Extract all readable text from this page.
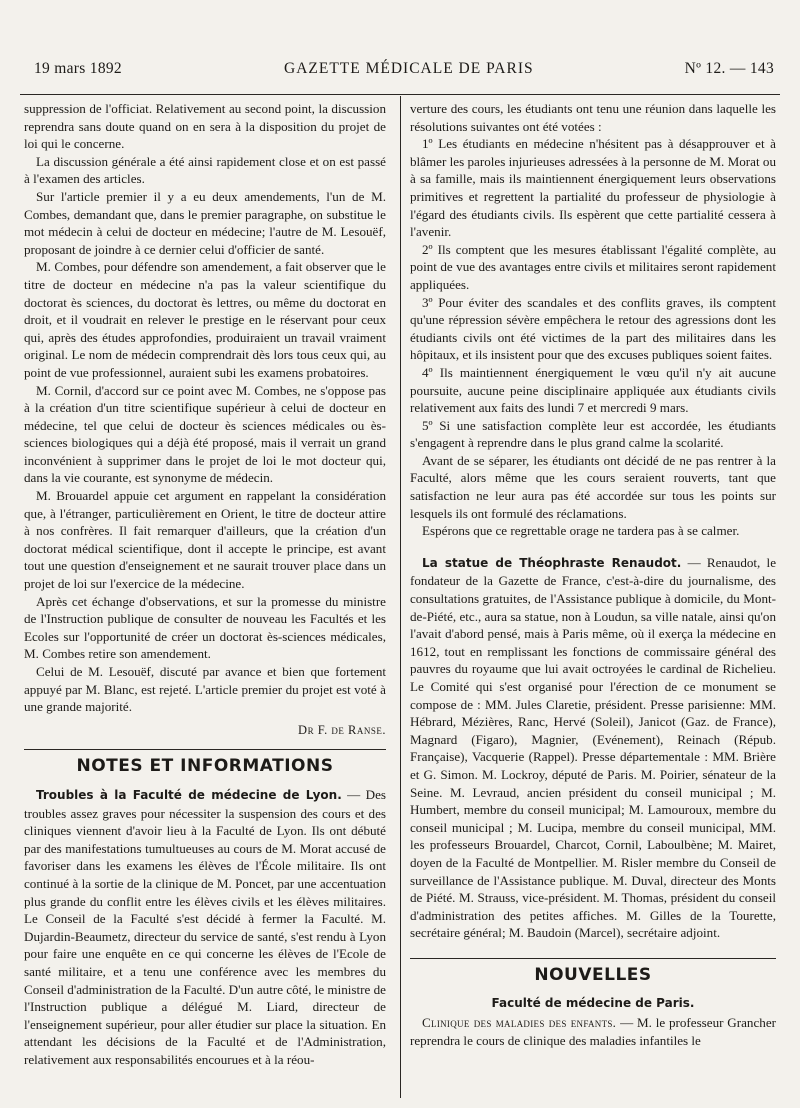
19 mars 1892	GAZETTE MÉDICALE DE PARIS	Nº 12. — 143

suppression de l'officiat. Relativement au second point, la discussion reprendra sans doute quand on en sera à la disposition du projet de loi qui le concerne.

La discussion générale a été ainsi rapidement close et on est passé à l'examen des articles.

Sur l'article premier il y a eu deux amendements, l'un de M. Combes, demandant que, dans le premier paragraphe, on substitue le mot médecin à celui de docteur en médecine; l'autre de M. Lesouëf, proposant de joindre à ce dernier celui d'officier de santé.

M. Combes, pour défendre son amendement, a fait observer que le titre de docteur en médecine n'a pas la valeur scientifique du doctorat ès sciences, du doctorat ès lettres, ou même du doctorat en droit, et il voudrait en relever le prestige en le réservant pour ceux qui, après des études approfondies, produiraient un travail vraiment original. Le nom de médecin comprendrait dès lors tous ceux qui, au point de vue professionnel, auraient subi les examens probatoires.

M. Cornil, d'accord sur ce point avec M. Combes, ne s'oppose pas à la création d'un titre scientifique supérieur à celui de docteur en médecine, tel que celui de docteur ès sciences médicales ou ès-sciences biologiques qui a déjà été proposé, mais il verrait un grand inconvénient à supprimer dans le projet de loi le mot docteur qui, dans la vie courante, est synonyme de médecin.

M. Brouardel appuie cet argument en rappelant la considération que, à l'étranger, particulièrement en Orient, le titre de docteur attire à nos confrères. Il fait remarquer d'ailleurs, que la création d'un doctorat médical scientifique, dont il accepte le principe, est avant tout une question d'enseignement et ne saurait trouver place dans un projet de loi sur l'exercice de la médecine.

Après cet échange d'observations, et sur la promesse du ministre de l'Instruction publique de consulter de nouveau les Facultés et les Ecoles sur l'opportunité de créer un doctorat ès-sciences médicales, M. Combes retire son amendement.

Celui de M. Lesouëf, discuté par avance et bien que fortement appuyé par M. Blanc, est rejeté. L'article premier du projet est voté à une grande majorité.

Dr F. de Ranse.

NOTES ET INFORMATIONS

Troubles à la Faculté de médecine de Lyon. — Des troubles assez graves pour nécessiter la suspension des cours et des cliniques viennent d'avoir lieu à la Faculté de Lyon. Ils ont débuté par des manifestations tumultueuses au cours de M. Morat accusé de favoriser dans les examens les élèves de l'École militaire. Ils ont continué à la sortie de la clinique de M. Poncet, par une accentuation plus grande du conflit entre les élèves civils et les élèves militaires. Le Conseil de la Faculté s'est décidé à fermer la Faculté. M. Dujardin-Beaumetz, directeur du service de santé, s'est rendu à Lyon pour faire une enquête en ce qui concerne les élèves de l'Ecole de santé militaire, et a tenu une conférence avec les membres du Conseil d'administration de la Faculté. D'un autre côté, le ministre de l'Instruction publique a délégué M. Liard, directeur de l'enseignement supérieur, pour aller étudier sur place la situation. En attendant les décisions de la Faculté et de l'Administration, relativement aux responsabilités encourues et à la réou-

verture des cours, les étudiants ont tenu une réunion dans laquelle les résolutions suivantes ont été votées :

1º Les étudiants en médecine n'hésitent pas à désapprouver et à blâmer les paroles injurieuses adressées à la personne de M. Morat ou à sa famille, mais ils maintiennent énergiquement leurs observations primitives et regrettent la partialité du professeur de physiologie à l'égard des étudiants civils. Ils espèrent que cette partialité cessera à l'avenir.

2º Ils comptent que les mesures établissant l'égalité complète, au point de vue des avantages entre civils et militaires seront rapidement appliquées.

3º Pour éviter des scandales et des conflits graves, ils comptent qu'une répression sévère empêchera le retour des agressions dont les étudiants civils ont été victimes de la part des militaires dans les hôpitaux, et ils insistent pour que des excuses publiques soient faites.

4º Ils maintiennent énergiquement le vœu qu'il n'y ait aucune poursuite, aucune peine disciplinaire appliquée aux étudiants civils relativement aux faits des lundi 7 et mercredi 9 mars.

5º Si une satisfaction complète leur est accordée, les étudiants s'engagent à reprendre dans le plus grand calme la scolarité.

Avant de se séparer, les étudiants ont décidé de ne pas rentrer à la Faculté, alors même que les cours seraient rouverts, tant que satisfaction ne leur aura pas été accordée sur tous les points sur lesquels ils ont formulé des réclamations.

Espérons que ce regrettable orage ne tardera pas à se calmer.

La statue de Théophraste Renaudot. — Renaudot, le fondateur de la Gazette de France, c'est-à-dire du journalisme, des consultations gratuites, de l'Assistance publique à domicile, du Mont-de-Piété, etc., aura sa statue, non à Loudun, sa ville natale, ainsi qu'on l'avait d'abord pensé, mais à Paris même, où il exerça la médecine en 1612, tout en remplissant les fonctions de commissaire général des pauvres du royaume que lui avait octroyées le cardinal de Richelieu. Le Comité qui s'est organisé pour l'érection de ce monument se compose de : MM. Jules Claretie, président. Presse parisienne: MM. Hébrard, Mézières, Ranc, Hervé (Soleil), Janicot (Gaz. de France), Magnard (Figaro), Magnier, (Evénement), Reinach (Répub. Française), Vacquerie (Rappel). Presse départementale : MM. Brière et G. Simon. M. Lockroy, député de Paris. M. Poirier, sénateur de la Seine. M. Levraud, ancien président du conseil municipal ; M. Humbert, membre du conseil municipal; M. Lamouroux, membre du conseil municipal ; M. Lucipa, membre du conseil municipal, MM. les professeurs Brouardel, Charcot, Cornil, Laboulbène; M. Mairet, doyen de la Faculté de Montpellier. M. Risler membre du Conseil de surveillance de l'Assistance publique. M. Duval, directeur des Monts de Piété. M. Strauss, vice-président. M. Thomas, président du conseil d'administration des petites affiches. M. Gilles de la Tourette, secrétaire général; M. Baudoin (Marcel), secrétaire adjoint.

NOUVELLES

Faculté de médecine de Paris.

Clinique des maladies des enfants. — M. le professeur Grancher reprendra le cours de clinique des maladies infantiles le
